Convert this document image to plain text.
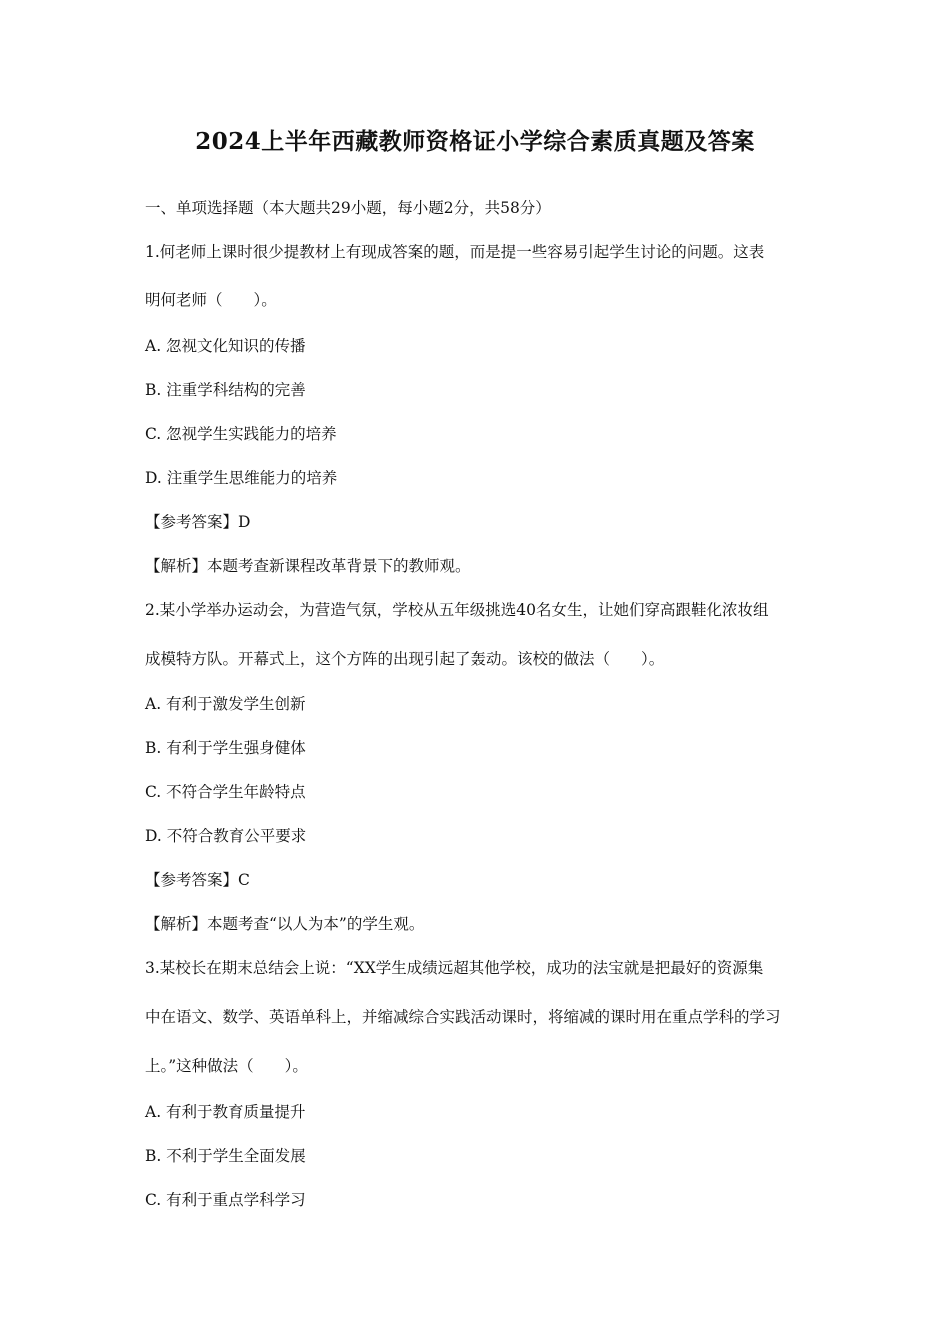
2024上半年西藏教师资格证小学综合素质真题及答案
一、单项选择题（本大题共29小题，每小题2分，共58分）
1.何老师上课时很少提教材上有现成答案的题，而是提一些容易引起学生讨论的问题。这表
明何老师（　　）。
A. 忽视文化知识的传播
B. 注重学科结构的完善
C. 忽视学生实践能力的培养
D. 注重学生思维能力的培养
【参考答案】D
【解析】本题考查新课程改革背景下的教师观。
2.某小学举办运动会，为营造气氛，学校从五年级挑选40名女生，让她们穿高跟鞋化浓妆组
成模特方队。开幕式上，这个方阵的出现引起了轰动。该校的做法（　　）。
A. 有利于激发学生创新
B. 有利于学生强身健体
C. 不符合学生年龄特点
D. 不符合教育公平要求
【参考答案】C
【解析】本题考查“以人为本”的学生观。
3.某校长在期末总结会上说：“XX学生成绩远超其他学校，成功的法宝就是把最好的资源集
中在语文、数学、英语单科上，并缩减综合实践活动课时，将缩减的课时用在重点学科的学习
上。”这种做法（　　）。
A. 有利于教育质量提升
B. 不利于学生全面发展
C. 有利于重点学科学习
